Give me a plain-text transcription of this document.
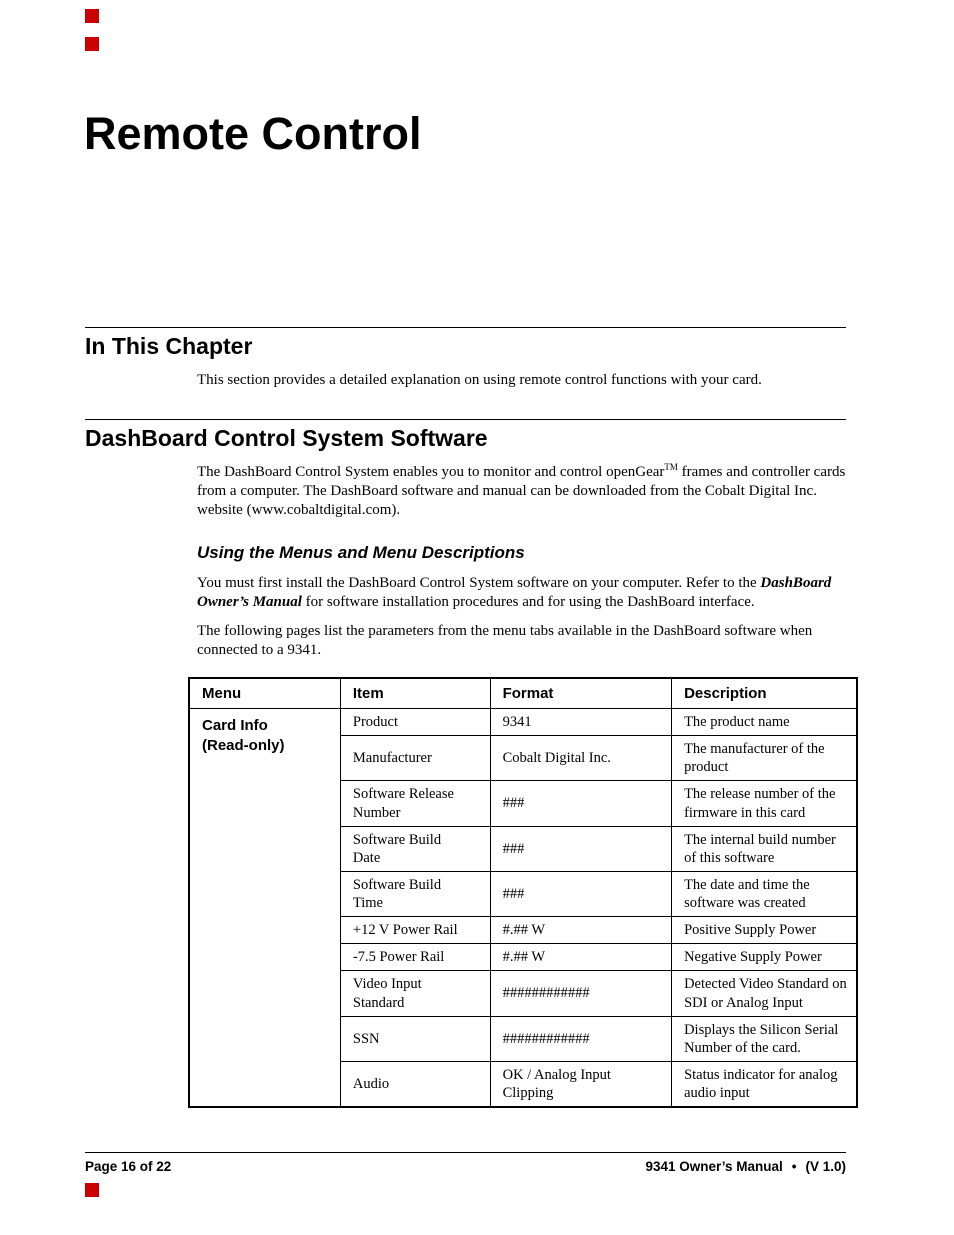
Remote Control
In This Chapter

This section provides a detailed explanation on using remote control functions with your card.

DashBoard Control System Software

The DashBoard Control System enables you to monitor and control openGear™ frames and controller cards from a computer. The DashBoard software and manual can be downloaded from the Cobalt Digital Inc. website (www.cobaltdigital.com).

Using the Menus and Menu Descriptions

You must first install the DashBoard Control System software on your computer. Refer to the DashBoard Owner’s Manual for software installation procedures and for using the DashBoard interface.

The following pages list the parameters from the menu tabs available in the DashBoard software when connected to a 9341.

Menu	Item	Format	Description

Card Info
(Read-only)	Product	9341	The product name
	Manufacturer	Cobalt Digital Inc.	The manufacturer of the product
	Software Release Number	###	The release number of the firmware in this card
	Software Build Date	###	The internal build number of this software
	Software Build Time	###	The date and time the software was created
	+12 V Power Rail	#.## W	Positive Supply Power
	-7.5 Power Rail	#.## W	Negative Supply Power
	Video Input Standard	############	Detected Video Standard on SDI or Analog Input
	SSN	############	Displays the Silicon Serial Number of the card.
	Audio	OK / Analog Input Clipping	Status indicator for analog audio input
Page 16 of 22	9341 Owner’s Manual • (V 1.0)
